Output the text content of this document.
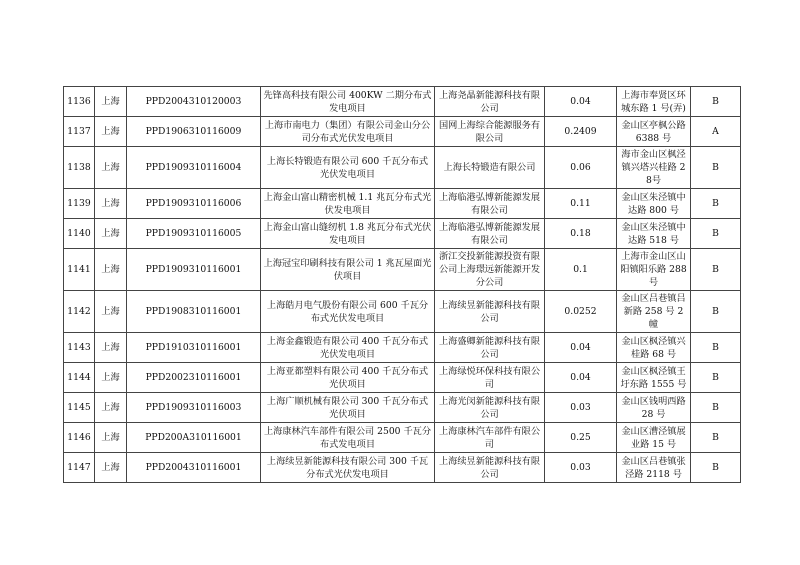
1136	上海	PPD2004310120003	先锋高科技有限公司 400KW 二期分布式发电项目	上海尧晶新能源科技有限公司	0.04	上海市奉贤区环城东路 1 号(弄)	B
1137	上海	PPD1906310116009	上海市南电力（集团）有限公司金山分公司分布式光伏发电项目	国网上海综合能源服务有限公司	0.2409	金山区亭枫公路6388 号	A
1138	上海	PPD1909310116004	上海长特锻造有限公司 600 千瓦分布式光伏发电项目	上海长特锻造有限公司	0.06	海市金山区枫泾镇兴塔兴桂路 28号	B
1139	上海	PPD1909310116006	上海金山富山精密机械 1.1 兆瓦分布式光伏发电项目	上海临港弘博新能源发展有限公司	0.11	金山区朱泾镇中达路 800 号	B
1140	上海	PPD1909310116005	上海金山富山缝纫机 1.8 兆瓦分布式光伏发电项目	上海临港弘博新能源发展有限公司	0.18	金山区朱泾镇中达路 518 号	B
1141	上海	PPD1909310116001	上海冠宝印刷科技有限公司 1 兆瓦屋面光伏项目	浙江交投新能源投资有限公司上海璟远新能源开发分公司	0.1	上海市金山区山阳镇阳乐路 288 号	B
1142	上海	PPD1908310116001	上海皓月电气股份有限公司 600 千瓦分布式光伏发电项目	上海续昱新能源科技有限公司	0.0252	金山区吕巷镇吕新路 258 号 2 幢	B
1143	上海	PPD1910310116001	上海金鑫锻造有限公司 400 千瓦分布式光伏发电项目	上海盛卿新能源科技有限公司	0.04	金山区枫泾镇兴桂路 68 号	B
1144	上海	PPD2002310116001	上海亚都塑料有限公司 400 千瓦分布式光伏项目	上海绿悦环保科技有限公司	0.04	金山区枫泾镇王圩东路 1555 号	B
1145	上海	PPD1909310116003	上海广顺机械有限公司 300 千瓦分布式光伏项目	上海光闵新能源科技有限公司	0.03	金山区钱明西路28 号	B
1146	上海	PPD200A310116001	上海康林汽车部件有限公司 2500 千瓦分布式发电项目	上海康林汽车部件有限公司	0.25	金山区漕泾镇展业路 15 号	B
1147	上海	PPD2004310116001	上海续昱新能源科技有限公司 300 千瓦分布式光伏发电项目	上海续昱新能源科技有限公司	0.03	金山区吕巷镇张泾路 2118 号	B
